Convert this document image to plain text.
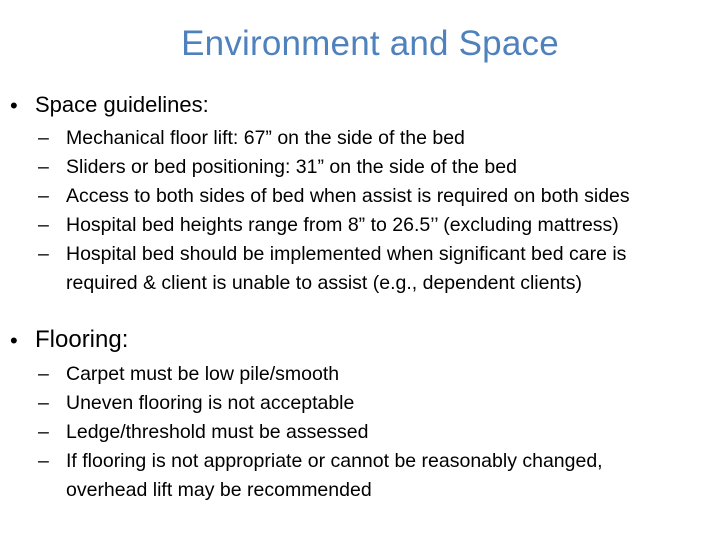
Environment and Space
• Space guidelines:
– Mechanical floor lift: 67” on the side of the bed
– Sliders or bed positioning: 31” on the side of the bed
– Access to both sides of bed when assist is required on both sides
– Hospital bed heights range from 8” to 26.5’’ (excluding mattress)
– Hospital bed should be implemented when significant bed care is
required & client is unable to assist (e.g., dependent clients)
• Flooring:
– Carpet must be low pile/smooth
– Uneven flooring is not acceptable
– Ledge/threshold must be assessed
– If flooring is not appropriate or cannot be reasonably changed,
overhead lift may be recommended
